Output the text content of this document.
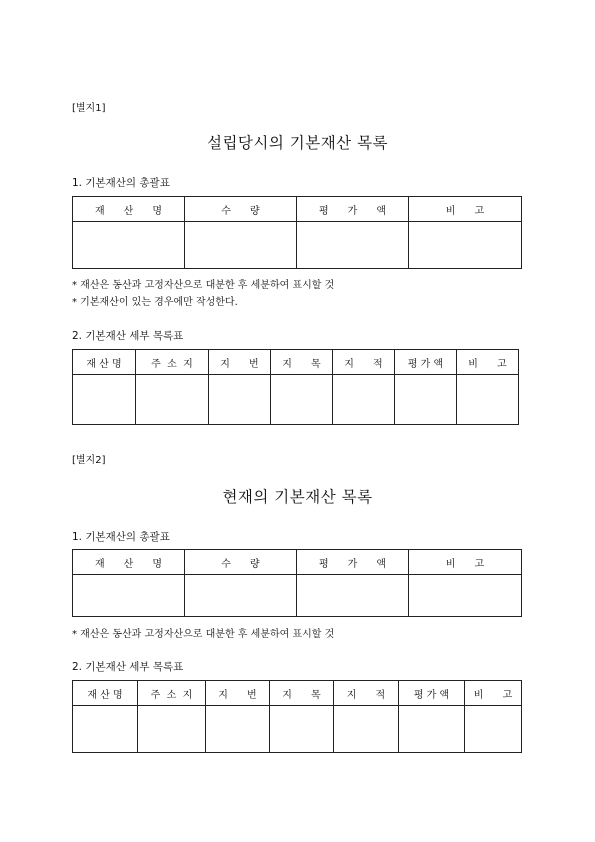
[별지1]
설립당시의 기본재산 목록
1. 기본재산의 총괄표
재      산      명	수      량	평      가      액	비      고

* 재산은 동산과 고정자산으로 대분한 후 세분하여 표시할 것
* 기본재산이 있는 경우에만 작성한다.
2. 기본재산 세부 목록표
재 산 명	주  소  지	지      번	지      목	지      적	평 가 액	비      고

[별지2]
현재의 기본재산 목록
1. 기본재산의 총괄표
재      산      명	수      량	평      가      액	비      고

* 재산은 동산과 고정자산으로 대분한 후 세분하여 표시할 것
2. 기본재산 세부 목록표
재 산 명	주  소  지	지      번	지      목	지      적	평 가 액	비      고
